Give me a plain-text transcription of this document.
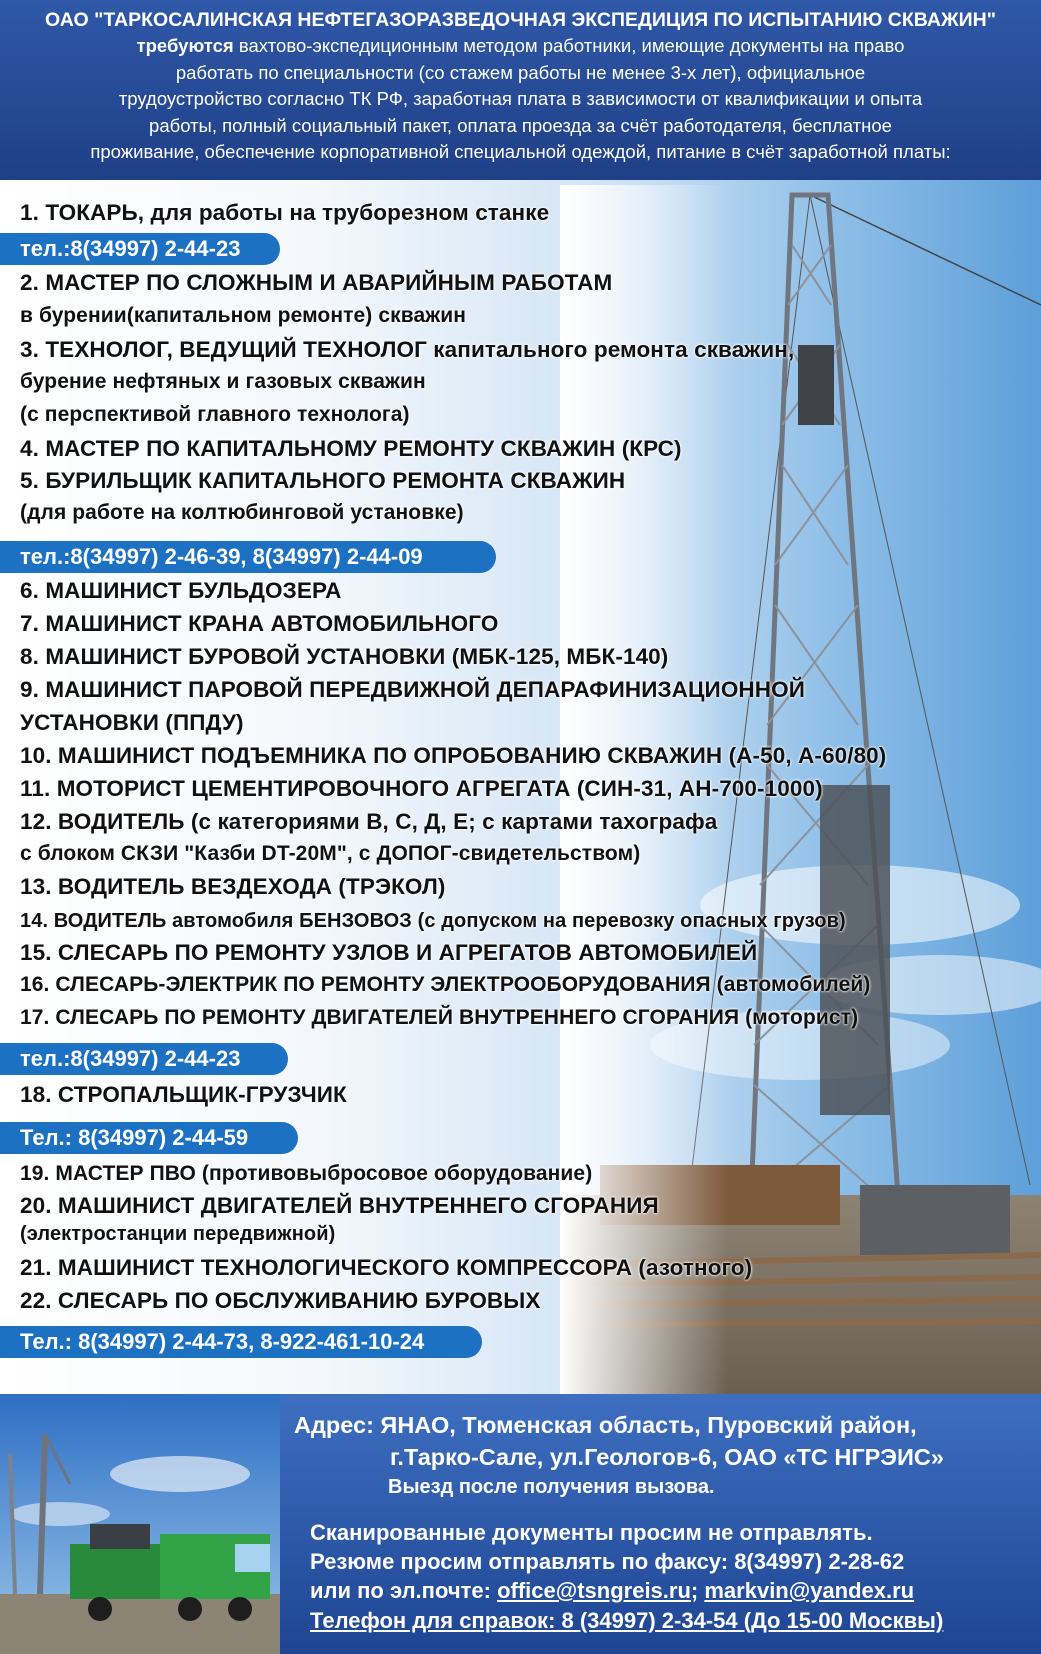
ОАО "ТАРКОСАЛИНСКАЯ НЕФТЕГАЗОРАЗВЕДОЧНАЯ ЭКСПЕДИЦИЯ ПО ИСПЫТАНИЮ СКВАЖИН"
требуются вахтово-экспедиционным методом работники, имеющие документы на право
работать по специальности (со стажем работы не менее 3-х лет), официальное
трудоустройство согласно ТК РФ, заработная плата в зависимости от квалификации и опыта
работы, полный социальный пакет, оплата проезда за счёт работодателя, бесплатное
проживание, обеспечение корпоративной специальной одеждой, питание в счёт заработной платы:
1. ТОКАРЬ, для работы на труборезном станке
тел.:8(34997) 2-44-23
2. МАСТЕР ПО СЛОЖНЫМ И АВАРИЙНЫМ РАБОТАМ
в бурении(капитальном ремонте) скважин
3. ТЕХНОЛОГ, ВЕДУЩИЙ ТЕХНОЛОГ капитального ремонта скважин,
бурение нефтяных и газовых скважин
(с перспективой главного технолога)
4. МАСТЕР ПО КАПИТАЛЬНОМУ РЕМОНТУ СКВАЖИН (КРС)
5. БУРИЛЬЩИК КАПИТАЛЬНОГО РЕМОНТА СКВАЖИН
(для работе на колтюбинговой установке)
тел.:8(34997) 2-46-39, 8(34997) 2-44-09
6. МАШИНИСТ БУЛЬДОЗЕРА
7. МАШИНИСТ КРАНА АВТОМОБИЛЬНОГО
8. МАШИНИСТ БУРОВОЙ УСТАНОВКИ (МБК-125, МБК-140)
9. МАШИНИСТ ПАРОВОЙ ПЕРЕДВИЖНОЙ ДЕПАРАФИНИЗАЦИОННОЙ
УСТАНОВКИ (ППДУ)
10. МАШИНИСТ ПОДЪЕМНИКА ПО ОПРОБОВАНИЮ СКВАЖИН (А-50, А-60/80)
11. МОТОРИСТ ЦЕМЕНТИРОВОЧНОГО АГРЕГАТА (СИН-31, АН-700-1000)
12. ВОДИТЕЛЬ (с категориями В, С, Д, Е; с картами тахографа
с блоком СКЗИ "Казби DT-20M", с ДОПОГ-свидетельством)
13. ВОДИТЕЛЬ ВЕЗДЕХОДА (ТРЭКОЛ)
14. ВОДИТЕЛЬ автомобиля БЕНЗОВОЗ (с допуском на перевозку опасных грузов)
15. СЛЕСАРЬ ПО РЕМОНТУ УЗЛОВ И АГРЕГАТОВ АВТОМОБИЛЕЙ
16. СЛЕСАРЬ-ЭЛЕКТРИК ПО РЕМОНТУ ЭЛЕКТРООБОРУДОВАНИЯ (автомобилей)
17. СЛЕСАРЬ ПО РЕМОНТУ ДВИГАТЕЛЕЙ ВНУТРЕННЕГО СГОРАНИЯ (моторист)
тел.:8(34997) 2-44-23
18. СТРОПАЛЬЩИК-ГРУЗЧИК
Тел.: 8(34997) 2-44-59
19. МАСТЕР ПВО (противовыбросовое оборудование)
20. МАШИНИСТ ДВИГАТЕЛЕЙ ВНУТРЕННЕГО СГОРАНИЯ
(электростанции передвижной)
21. МАШИНИСТ ТЕХНОЛОГИЧЕСКОГО КОМПРЕССОРА (азотного)
22. СЛЕСАРЬ ПО ОБСЛУЖИВАНИЮ БУРОВЫХ
Тел.: 8(34997) 2-44-73, 8-922-461-10-24
Адрес: ЯНАО, Тюменская область, Пуровский район,
г.Тарко-Сале, ул.Геологов-6, ОАО «ТС НГРЭИС»
Выезд после получения вызова.
Сканированные документы просим не отправлять.
Резюме просим отправлять по факсу: 8(34997) 2-28-62
или по эл.почте: office@tsngreis.ru; markvin@yandex.ru
Телефон для справок: 8 (34997) 2-34-54 (До 15-00 Москвы)
